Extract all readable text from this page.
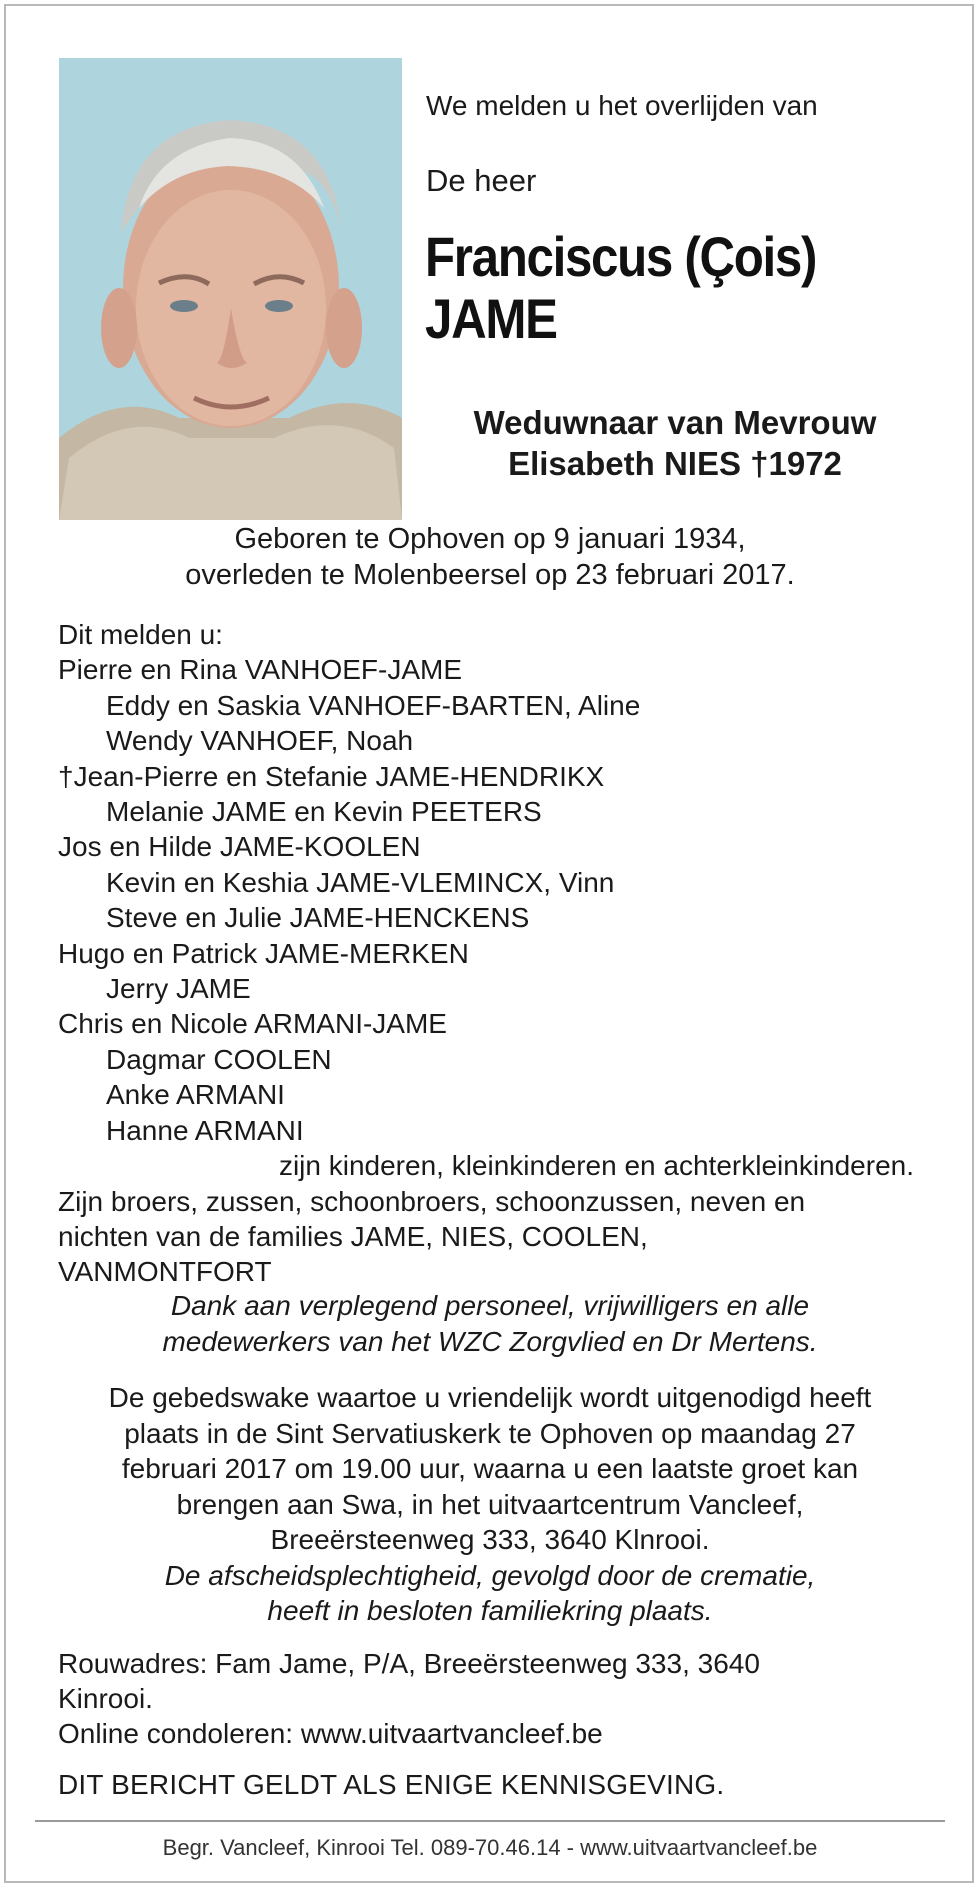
We melden u het overlijden van
De heer
Franciscus (Çois)
JAME
Weduwnaar van Mevrouw
Elisabeth NIES †1972
Geboren te Ophoven op 9 januari 1934,
overleden te Molenbeersel op 23 februari 2017.
Dit melden u:
Pierre en Rina VANHOEF-JAME
Eddy en Saskia VANHOEF-BARTEN, Aline
Wendy VANHOEF, Noah
†Jean-Pierre en Stefanie JAME-HENDRIKX
Melanie JAME en Kevin PEETERS
Jos en Hilde JAME-KOOLEN
Kevin en Keshia JAME-VLEMINCX, Vinn
Steve en Julie JAME-HENCKENS
Hugo en Patrick JAME-MERKEN
Jerry JAME
Chris en Nicole ARMANI-JAME
Dagmar COOLEN
Anke ARMANI
Hanne ARMANI
zijn kinderen, kleinkinderen en achterkleinkinderen.
Zijn broers, zussen, schoonbroers, schoonzussen, neven en
nichten van de families JAME, NIES, COOLEN,
VANMONTFORT
Dank aan verplegend personeel, vrijwilligers en alle
medewerkers van het WZC Zorgvlied en Dr Mertens.
De gebedswake waartoe u vriendelijk wordt uitgenodigd heeft
plaats in de Sint Servatiuskerk te Ophoven op maandag 27
februari 2017 om 19.00 uur, waarna u een laatste groet kan
brengen aan Swa, in het uitvaartcentrum Vancleef,
Breeërsteenweg 333, 3640 Klnrooi.
De afscheidsplechtigheid, gevolgd door de crematie,
heeft in besloten familiekring plaats.
Rouwadres: Fam Jame, P/A, Breeërsteenweg 333, 3640
Kinrooi.
Online condoleren: www.uitvaartvancleef.be
DIT BERICHT GELDT ALS ENIGE KENNISGEVING.
Begr. Vancleef, Kinrooi Tel. 089-70.46.14 - www.uitvaartvancleef.be
